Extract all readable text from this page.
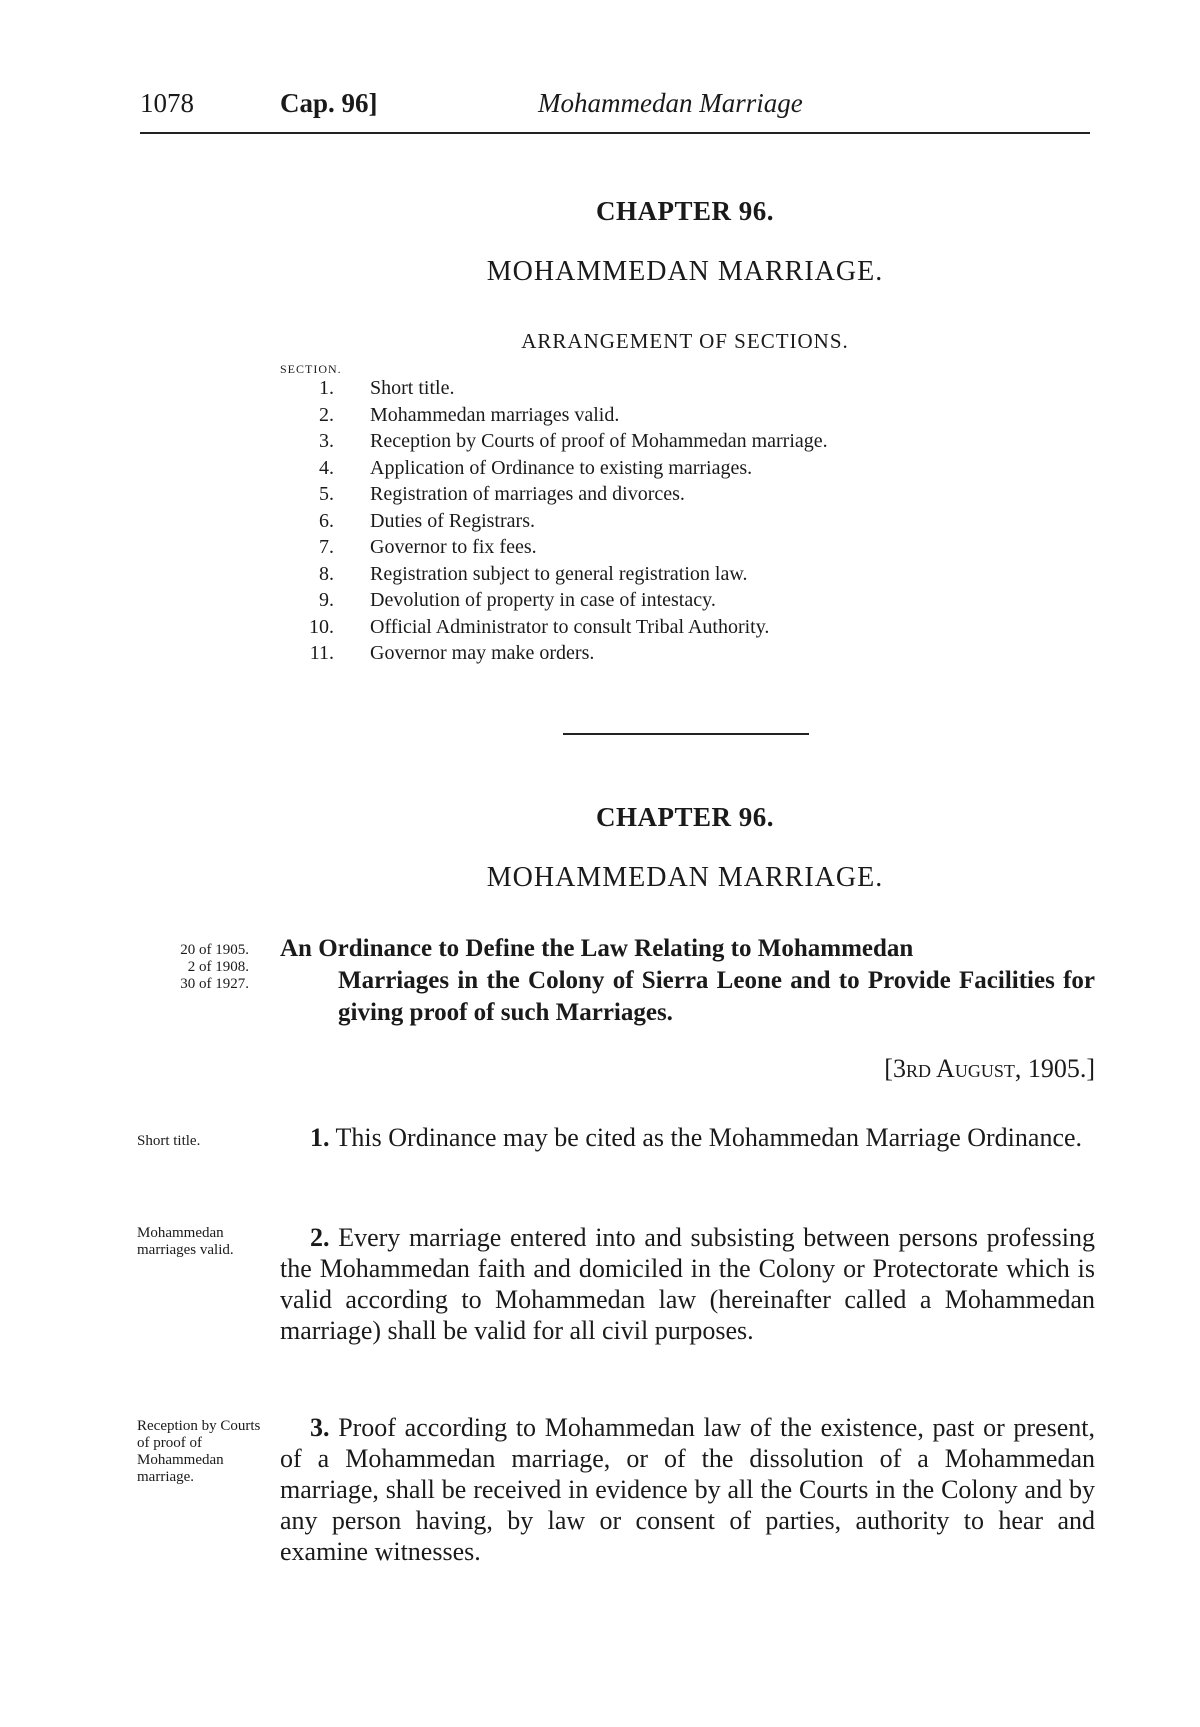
1078	Cap. 96]	Mohammedan Marriage
CHAPTER 96.
MOHAMMEDAN MARRIAGE.
ARRANGEMENT OF SECTIONS.
SECTION.
1. Short title.
2. Mohammedan marriages valid.
3. Reception by Courts of proof of Mohammedan marriage.
4. Application of Ordinance to existing marriages.
5. Registration of marriages and divorces.
6. Duties of Registrars.
7. Governor to fix fees.
8. Registration subject to general registration law.
9. Devolution of property in case of intestacy.
10. Official Administrator to consult Tribal Authority.
11. Governor may make orders.
CHAPTER 96.
MOHAMMEDAN MARRIAGE.
20 of 1905.
2 of 1908.
30 of 1927.
An Ordinance to Define the Law Relating to Mohammedan
Marriages in the Colony of Sierra Leone and to Provide Facilities for giving proof of such Marriages.
[3rd August, 1905.]
Short title.	1. This Ordinance may be cited as the Mohammedan Marriage Ordinance.
Mohammedan marriages valid.	2. Every marriage entered into and subsisting between persons professing the Mohammedan faith and domiciled in the Colony or Protectorate which is valid according to Mohammedan law (hereinafter called a Mohammedan marriage) shall be valid for all civil purposes.
Reception by Courts of proof of Mohammedan marriage.
3. Proof according to Mohammedan law of the existence, past or present, of a Mohammedan marriage, or of the dissolution of a Mohammedan marriage, shall be received in evidence by all the Courts in the Colony and by any person having, by law or consent of parties, authority to hear and examine witnesses.
